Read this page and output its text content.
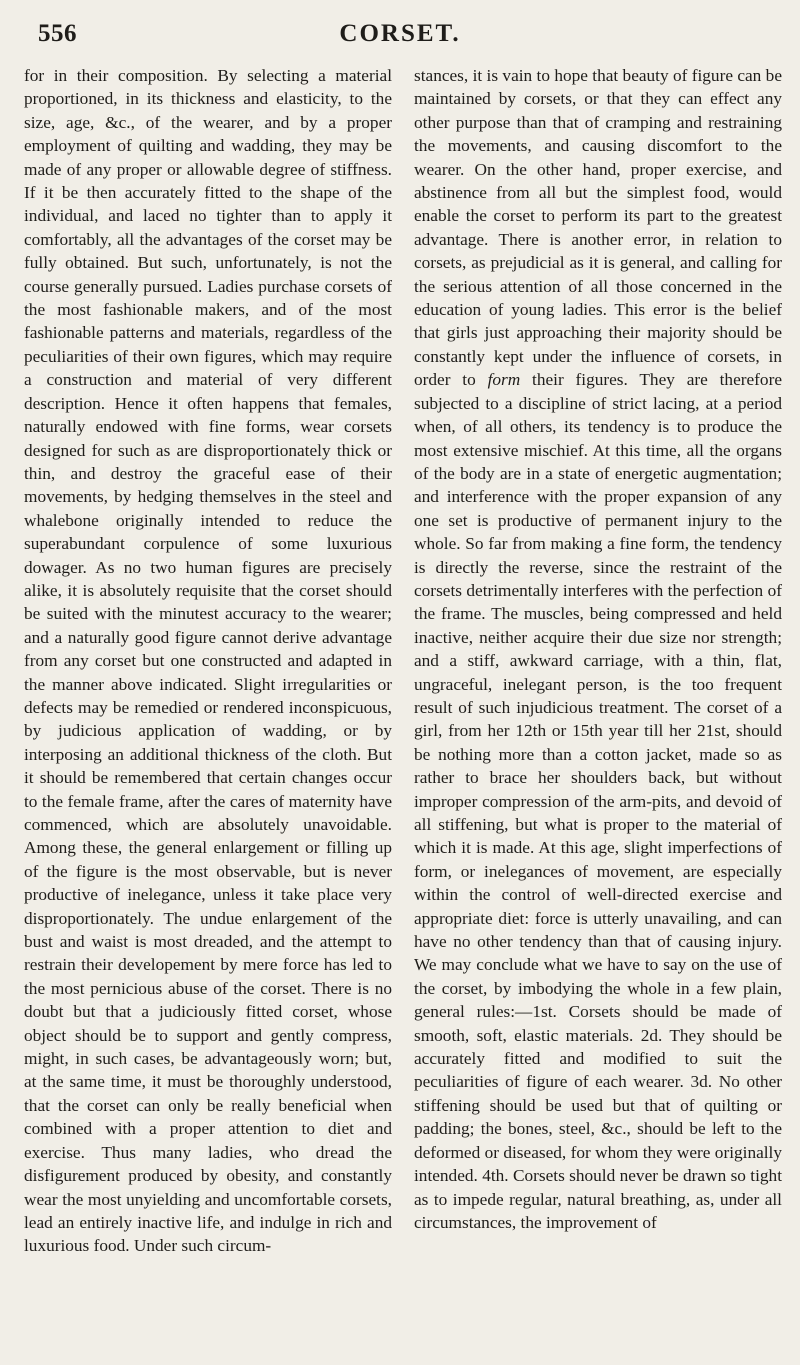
556	CORSET.

for in their composition. By selecting a material proportioned, in its thickness and elasticity, to the size, age, &c., of the wearer, and by a proper employment of quilting and wadding, they may be made of any proper or allowable degree of stiffness. If it be then accurately fitted to the shape of the individual, and laced no tighter than to apply it comfortably, all the advantages of the corset may be fully obtained. But such, unfortunately, is not the course generally pursued. Ladies purchase corsets of the most fashionable makers, and of the most fashionable patterns and materials, regardless of the peculiarities of their own figures, which may require a construction and material of very different description. Hence it often happens that females, naturally endowed with fine forms, wear corsets designed for such as are disproportionately thick or thin, and destroy the graceful ease of their movements, by hedging themselves in the steel and whalebone originally intended to reduce the superabundant corpulence of some luxurious dowager. As no two human figures are precisely alike, it is absolutely requisite that the corset should be suited with the minutest accuracy to the wearer; and a naturally good figure cannot derive advantage from any corset but one constructed and adapted in the manner above indicated. Slight irregularities or defects may be remedied or rendered inconspicuous, by judicious application of wadding, or by interposing an additional thickness of the cloth. But it should be remembered that certain changes occur to the female frame, after the cares of maternity have commenced, which are absolutely unavoidable. Among these, the general enlargement or filling up of the figure is the most observable, but is never productive of inelegance, unless it take place very disproportionately. The undue enlargement of the bust and waist is most dreaded, and the attempt to restrain their developement by mere force has led to the most pernicious abuse of the corset. There is no doubt but that a judiciously fitted corset, whose object should be to support and gently compress, might, in such cases, be advantageously worn; but, at the same time, it must be thoroughly understood, that the corset can only be really beneficial when combined with a proper attention to diet and exercise. Thus many ladies, who dread the disfigurement produced by obesity, and constantly wear the most unyielding and uncomfortable corsets, lead an entirely inactive life, and indulge in rich and luxurious food. Under such circum-

stances, it is vain to hope that beauty of figure can be maintained by corsets, or that they can effect any other purpose than that of cramping and restraining the movements, and causing discomfort to the wearer. On the other hand, proper exercise, and abstinence from all but the simplest food, would enable the corset to perform its part to the greatest advantage. There is another error, in relation to corsets, as prejudicial as it is general, and calling for the serious attention of all those concerned in the education of young ladies. This error is the belief that girls just approaching their majority should be constantly kept under the influence of corsets, in order to form their figures. They are therefore subjected to a discipline of strict lacing, at a period when, of all others, its tendency is to produce the most extensive mischief. At this time, all the organs of the body are in a state of energetic augmentation; and interference with the proper expansion of any one set is productive of permanent injury to the whole. So far from making a fine form, the tendency is directly the reverse, since the restraint of the corsets detrimentally interferes with the perfection of the frame. The muscles, being compressed and held inactive, neither acquire their due size nor strength; and a stiff, awkward carriage, with a thin, flat, ungraceful, inelegant person, is the too frequent result of such injudicious treatment. The corset of a girl, from her 12th or 15th year till her 21st, should be nothing more than a cotton jacket, made so as rather to brace her shoulders back, but without improper compression of the arm-pits, and devoid of all stiffening, but what is proper to the material of which it is made. At this age, slight imperfections of form, or inelegances of movement, are especially within the control of well-directed exercise and appropriate diet: force is utterly unavailing, and can have no other tendency than that of causing injury. We may conclude what we have to say on the use of the corset, by imbodying the whole in a few plain, general rules:—1st. Corsets should be made of smooth, soft, elastic materials. 2d. They should be accurately fitted and modified to suit the peculiarities of figure of each wearer. 3d. No other stiffening should be used but that of quilting or padding; the bones, steel, &c., should be left to the deformed or diseased, for whom they were originally intended. 4th. Corsets should never be drawn so tight as to impede regular, natural breathing, as, under all circumstances, the improvement of
